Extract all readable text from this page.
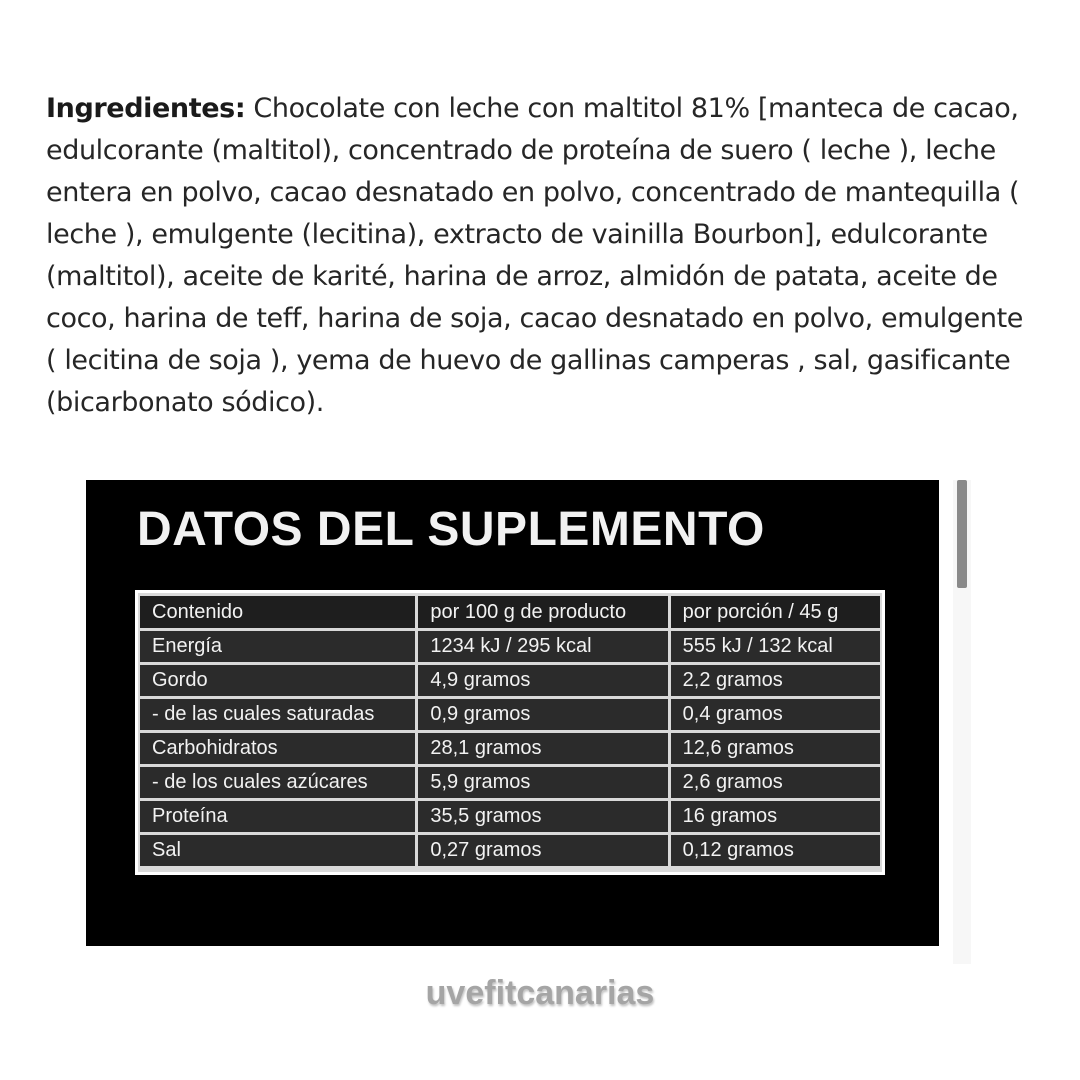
Ingredientes: Chocolate con leche con maltitol 81% [manteca de cacao, edulcorante (maltitol), concentrado de proteína de suero ( leche ), leche entera en polvo, cacao desnatado en polvo, concentrado de mantequilla ( leche ), emulgente (lecitina), extracto de vainilla Bourbon], edulcorante (maltitol), aceite de karité, harina de arroz, almidón de patata, aceite de coco, harina de teff, harina de soja, cacao desnatado en polvo, emulgente ( lecitina de soja ), yema de huevo de gallinas camperas , sal, gasificante (bicarbonato sódico).

DATOS DEL SUPLEMENTO
Contenido	por 100 g de producto	por porción / 45 g
Energía	1234 kJ / 295 kcal	555 kJ / 132 kcal
Gordo	4,9 gramos	2,2 gramos
- de las cuales saturadas	0,9 gramos	0,4 gramos
Carbohidratos	28,1 gramos	12,6 gramos
- de los cuales azúcares	5,9 gramos	2,6 gramos
Proteína	35,5 gramos	16 gramos
Sal	0,27 gramos	0,12 gramos

uvefitcanarias
